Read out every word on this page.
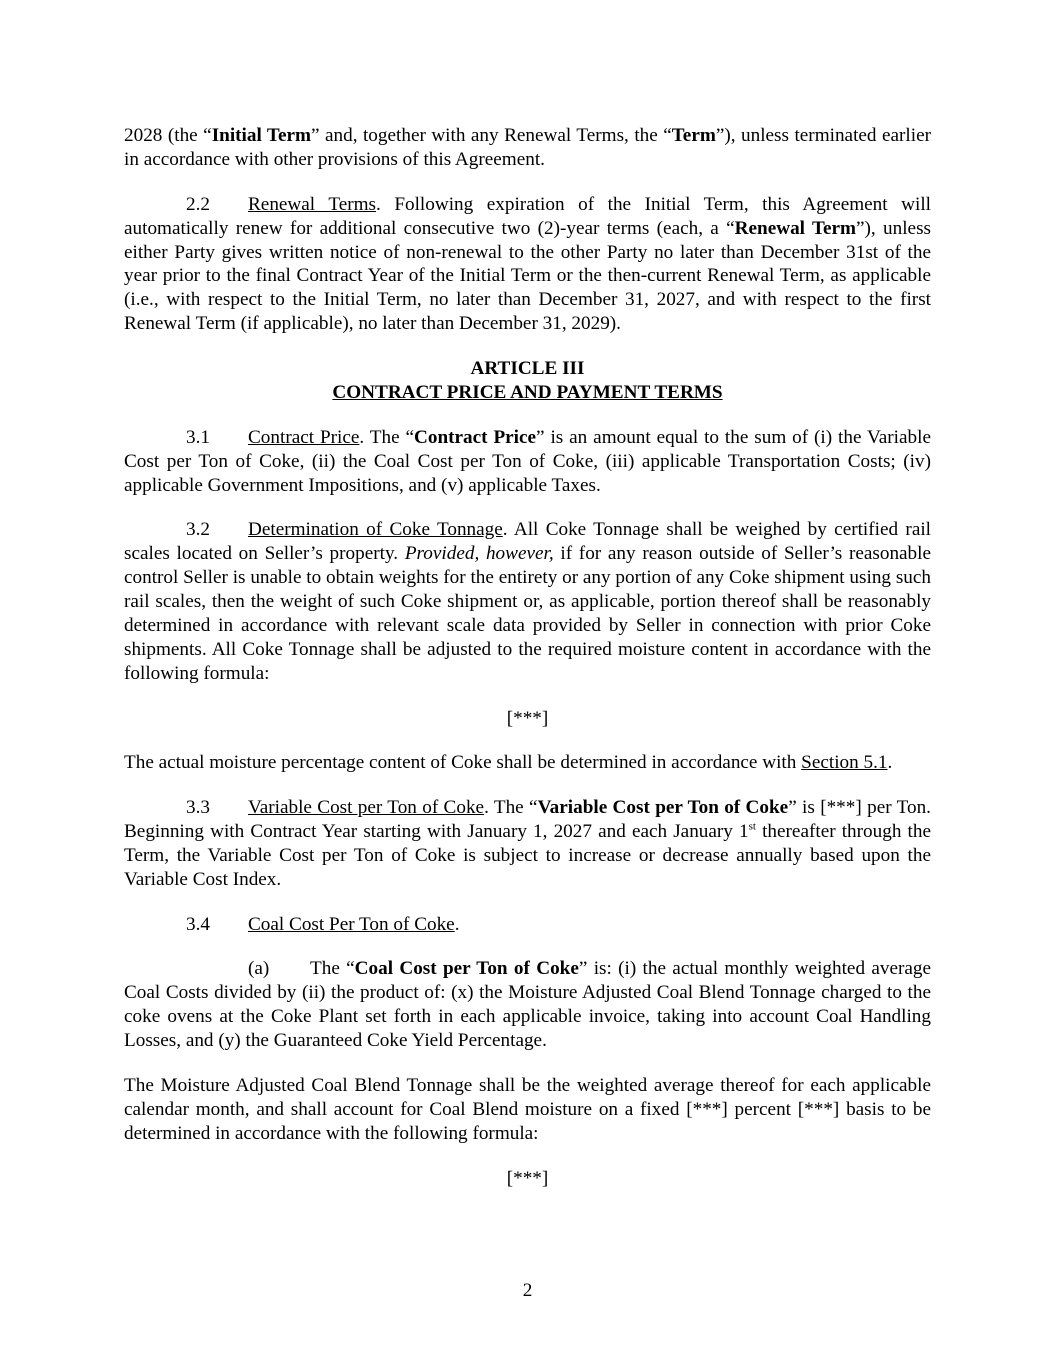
2028 (the “Initial Term” and, together with any Renewal Terms, the “Term”), unless terminated earlier in accordance with other provisions of this Agreement.

2.2 Renewal Terms. Following expiration of the Initial Term, this Agreement will automatically renew for additional consecutive two (2)-year terms (each, a “Renewal Term”), unless either Party gives written notice of non-renewal to the other Party no later than December 31st of the year prior to the final Contract Year of the Initial Term or the then-current Renewal Term, as applicable (i.e., with respect to the Initial Term, no later than December 31, 2027, and with respect to the first Renewal Term (if applicable), no later than December 31, 2029).

ARTICLE III
CONTRACT PRICE AND PAYMENT TERMS

3.1 Contract Price. The “Contract Price” is an amount equal to the sum of (i) the Variable Cost per Ton of Coke, (ii) the Coal Cost per Ton of Coke, (iii) applicable Transportation Costs; (iv) applicable Government Impositions, and (v) applicable Taxes.

3.2 Determination of Coke Tonnage. All Coke Tonnage shall be weighed by certified rail scales located on Seller’s property. Provided, however, if for any reason outside of Seller’s reasonable control Seller is unable to obtain weights for the entirety or any portion of any Coke shipment using such rail scales, then the weight of such Coke shipment or, as applicable, portion thereof shall be reasonably determined in accordance with relevant scale data provided by Seller in connection with prior Coke shipments. All Coke Tonnage shall be adjusted to the required moisture content in accordance with the following formula:

[***]

The actual moisture percentage content of Coke shall be determined in accordance with Section 5.1.

3.3 Variable Cost per Ton of Coke. The “Variable Cost per Ton of Coke” is [***] per Ton. Beginning with Contract Year starting with January 1, 2027 and each January 1st thereafter through the Term, the Variable Cost per Ton of Coke is subject to increase or decrease annually based upon the Variable Cost Index.

3.4 Coal Cost Per Ton of Coke.

(a) The “Coal Cost per Ton of Coke” is: (i) the actual monthly weighted average Coal Costs divided by (ii) the product of: (x) the Moisture Adjusted Coal Blend Tonnage charged to the coke ovens at the Coke Plant set forth in each applicable invoice, taking into account Coal Handling Losses, and (y) the Guaranteed Coke Yield Percentage.

The Moisture Adjusted Coal Blend Tonnage shall be the weighted average thereof for each applicable calendar month, and shall account for Coal Blend moisture on a fixed [***] percent [***] basis to be determined in accordance with the following formula:

[***]

2
